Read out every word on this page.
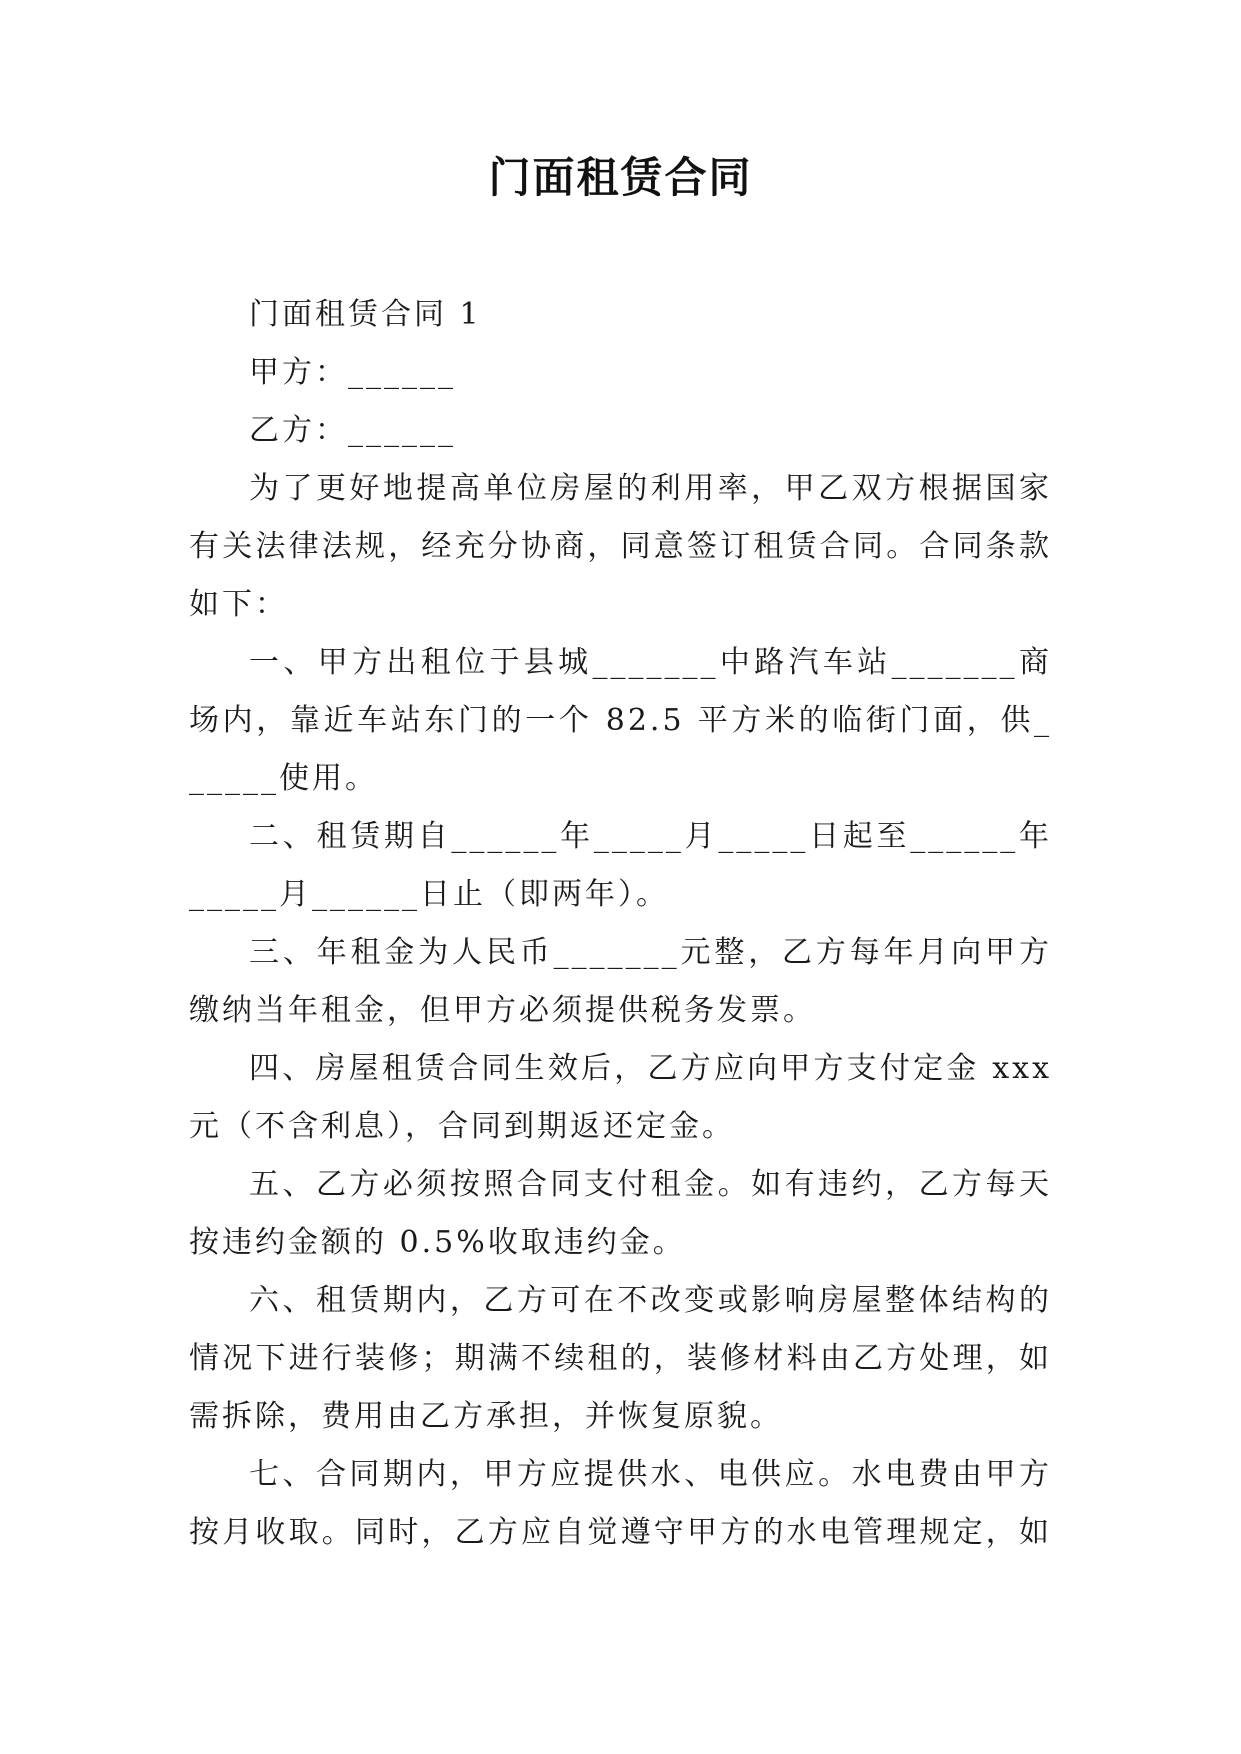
门面租赁合同

门面租赁合同 1

甲方：______

乙方：______

为了更好地提高单位房屋的利用率，甲乙双方根据国家有关法律法规，经充分协商，同意签订租赁合同。合同条款如下：

一、甲方出租位于县城_______中路汽车站_______商场内，靠近车站东门的一个 82.5 平方米的临街门面，供______使用。

二、租赁期自______年_____月_____日起至______年_____月______日止（即两年）。

三、年租金为人民币_______元整，乙方每年月向甲方缴纳当年租金，但甲方必须提供税务发票。

四、房屋租赁合同生效后，乙方应向甲方支付定金 xxx 元（不含利息），合同到期返还定金。

五、乙方必须按照合同支付租金。如有违约，乙方每天按违约金额的 0.5%收取违约金。

六、租赁期内，乙方可在不改变或影响房屋整体结构的情况下进行装修；期满不续租的，装修材料由乙方处理，如需拆除，费用由乙方承担，并恢复原貌。

七、合同期内，甲方应提供水、电供应。水电费由甲方按月收取。同时，乙方应自觉遵守甲方的水电管理规定，如
